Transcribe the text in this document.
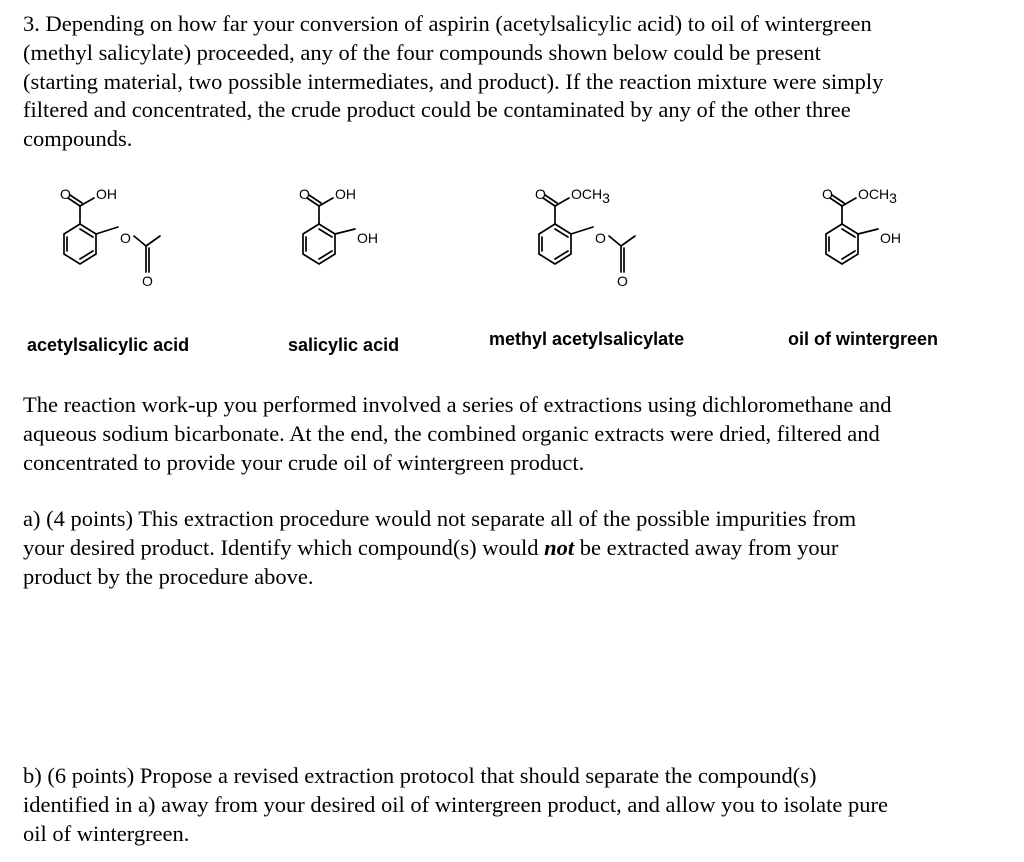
3. Depending on how far your conversion of aspirin (acetylsalicylic acid) to oil of wintergreen
(methyl salicylate) proceeded, any of the four compounds shown below could be present
(starting material, two possible intermediates, and product). If the reaction mixture were simply
filtered and concentrated, the crude product could be contaminated by any of the other three
compounds.

O OH
O
O
O OH
OH
O OCH3
O
O
O OCH3
OH
acetylsalicylic acid	salicylic acid	methyl acetylsalicylate	oil of wintergreen

The reaction work-up you performed involved a series of extractions using dichloromethane and
aqueous sodium bicarbonate. At the end, the combined organic extracts were dried, filtered and
concentrated to provide your crude oil of wintergreen product.

a) (4 points) This extraction procedure would not separate all of the possible impurities from
your desired product. Identify which compound(s) would not be extracted away from your
product by the procedure above.

b) (6 points) Propose a revised extraction protocol that should separate the compound(s)
identified in a) away from your desired oil of wintergreen product, and allow you to isolate pure
oil of wintergreen.
